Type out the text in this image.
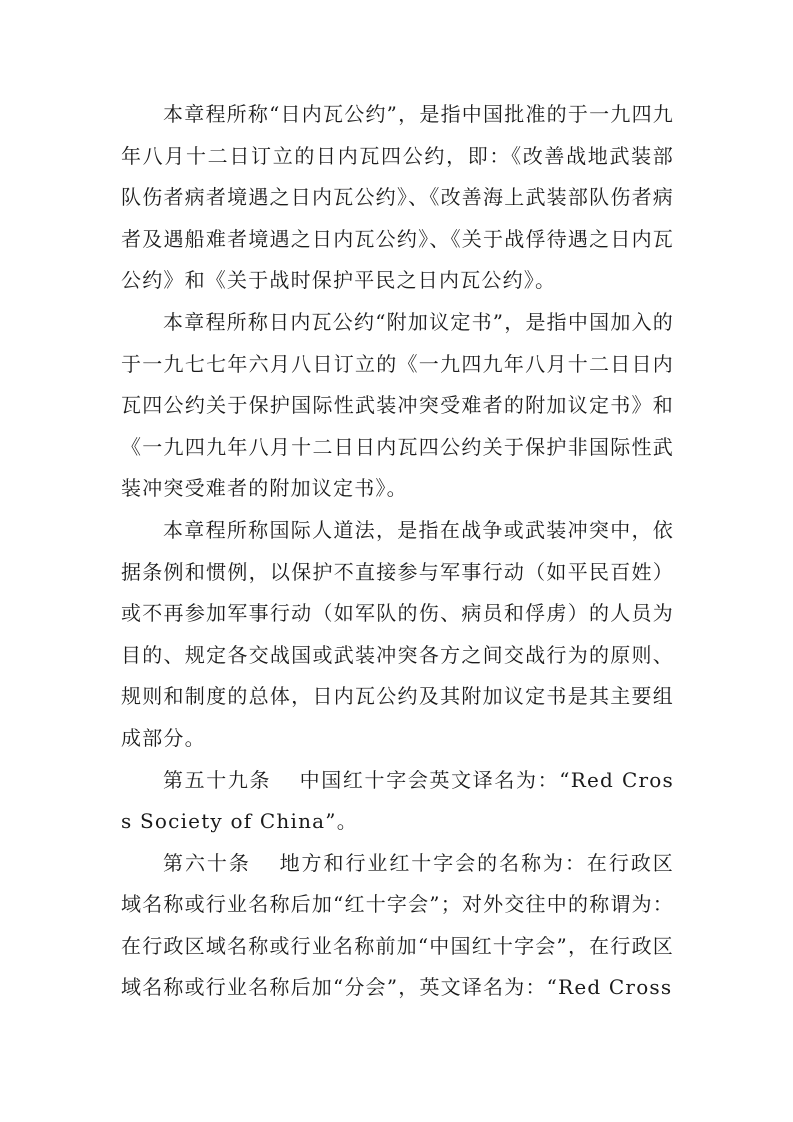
本章程所称“日内瓦公约”，是指中国批准的于一九四九年八月十二日订立的日内瓦四公约，即：《改善战地武装部队伤者病者境遇之日内瓦公约》、《改善海上武装部队伤者病者及遇船难者境遇之日内瓦公约》、《关于战俘待遇之日内瓦公约》和《关于战时保护平民之日内瓦公约》。

本章程所称日内瓦公约“附加议定书”，是指中国加入的于一九七七年六月八日订立的《一九四九年八月十二日日内瓦四公约关于保护国际性武装冲突受难者的附加议定书》和《一九四九年八月十二日日内瓦四公约关于保护非国际性武装冲突受难者的附加议定书》。

本章程所称国际人道法，是指在战争或武装冲突中，依据条例和惯例，以保护不直接参与军事行动（如平民百姓）或不再参加军事行动（如军队的伤、病员和俘虏）的人员为目的、规定各交战国或武装冲突各方之间交战行为的原则、规则和制度的总体，日内瓦公约及其附加议定书是其主要组成部分。

第五十九条 中国红十字会英文译名为：“Red Cross Society of China”。

第六十条 地方和行业红十字会的名称为：在行政区域名称或行业名称后加“红十字会”；对外交往中的称谓为：在行政区域名称或行业名称前加“中国红十字会”，在行政区域名称或行业名称后加“分会”，英文译名为：“Red Cross
